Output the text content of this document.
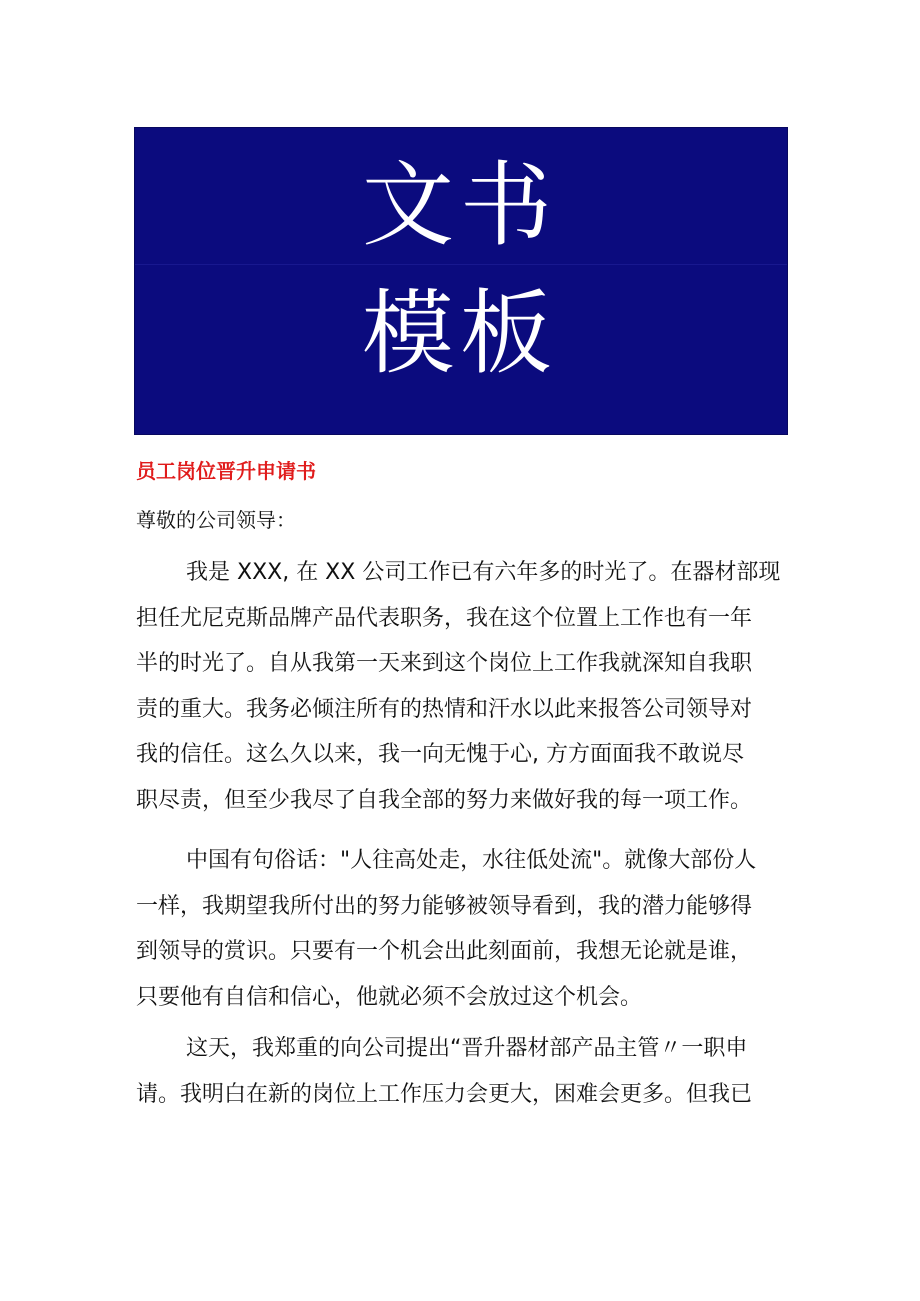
文书
模板
员工岗位晋升申请书
尊敬的公司领导：
我是 XXX, 在 XX 公司工作已有六年多的时光了。在器材部现
担任尤尼克斯品牌产品代表职务，我在这个位置上工作也有一年
半的时光了。自从我第一天来到这个岗位上工作我就深知自我职
责的重大。我务必倾注所有的热情和汗水以此来报答公司领导对
我的信任。这么久以来，我一向无愧于心, 方方面面我不敢说尽
职尽责，但至少我尽了自我全部的努力来做好我的每一项工作。
中国有句俗话："人往高处走，水往低处流"。就像大部份人
一样，我期望我所付出的努力能够被领导看到，我的潜力能够得
到领导的赏识。只要有一个机会出此刻面前，我想无论就是谁，
只要他有自信和信心，他就必须不会放过这个机会。
这天，我郑重的向公司提出“晋升器材部产品主管〃一职申
请。我明白在新的岗位上工作压力会更大，困难会更多。但我已
